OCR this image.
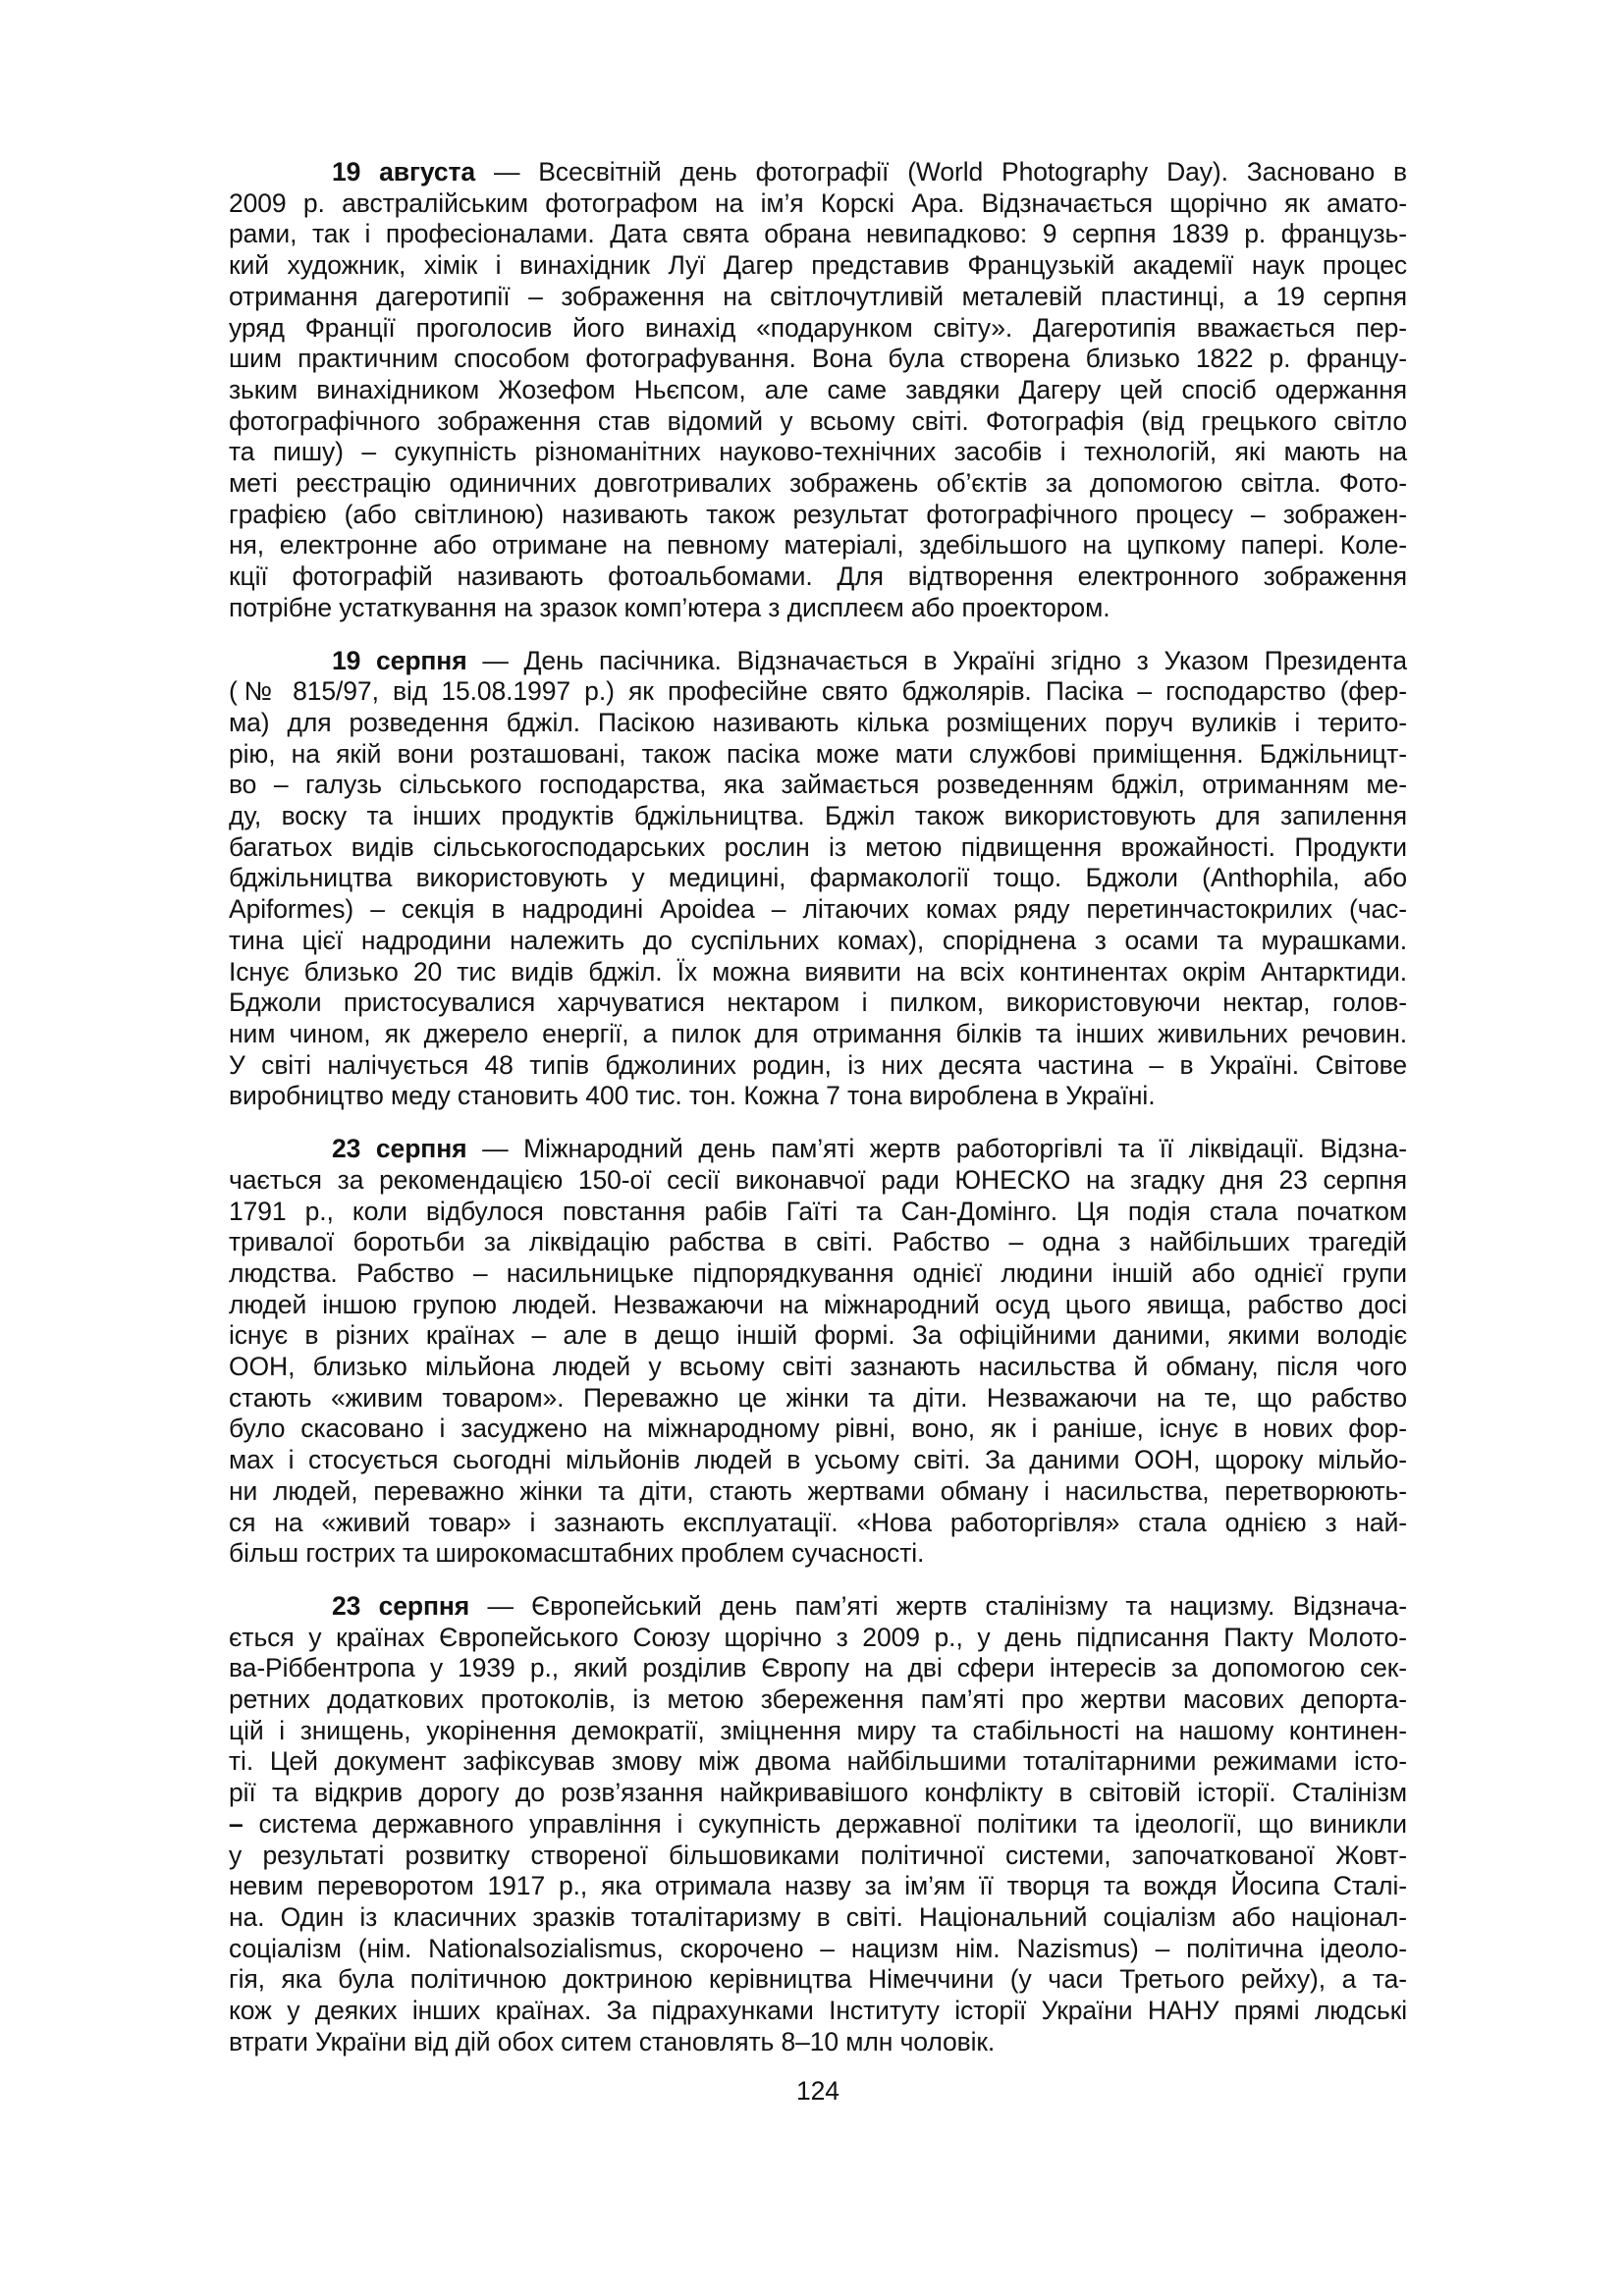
19 августа — Всесвітній день фотографії (World Photography Day). Засновано в
2009 р. австралійським фотографом на ім’я Корскі Ара. Відзначається щорічно як амато-
рами, так і професіоналами. Дата свята обрана невипадково: 9 серпня 1839 р. французь-
кий художник, хімік і винахідник Луї Дагер представив Французькій академії наук процес
отримання дагеротипії – зображення на світлочутливій металевій пластинці, а 19 серпня
уряд Франції проголосив його винахід «подарунком світу». Дагеротипія вважається пер-
шим практичним способом фотографування. Вона була створена близько 1822 р. францу-
зьким винахідником Жозефом Ньєпсом, але саме завдяки Дагеру цей спосіб одержання
фотографічного зображення став відомий у всьому світі. Фотографія (від грецького світло
та пишу) – сукупність різноманітних науково-технічних засобів і технологій, які мають на
меті реєстрацію одиничних довготривалих зображень об’єктів за допомогою світла. Фото-
графією (або світлиною) називають також результат фотографічного процесу – зображен-
ня, електронне або отримане на певному матеріалі, здебільшого на цупкому папері. Коле-
кції фотографій називають фотоальбомами. Для відтворення електронного зображення
потрібне устаткування на зразок комп’ютера з дисплеєм або проектором.
19 серпня — День пасічника. Відзначається в Україні згідно з Указом Президента
(№ 815/97, від 15.08.1997 р.) як професійне свято бджолярів. Пасіка – господарство (фер-
ма) для розведення бджіл. Пасікою називають кілька розміщених поруч вуликів і терито-
рію, на якій вони розташовані, також пасіка може мати службові приміщення. Бджільницт-
во – галузь сільського господарства, яка займається розведенням бджіл, отриманням ме-
ду, воску та інших продуктів бджільництва. Бджіл також використовують для запилення
багатьох видів сільськогосподарських рослин із метою підвищення врожайності. Продукти
бджільництва використовують у медицині, фармакології тощо. Бджоли (Anthophila, або
Apiformes) – секція в надродині Apoidea – літаючих комах ряду перетинчастокрилих (час-
тина цієї надродини належить до суспільних комах), споріднена з осами та мурашками.
Існує близько 20 тис видів бджіл. Їх можна виявити на всіх континентах окрім Антарктиди.
Бджоли пристосувалися харчуватися нектаром і пилком, використовуючи нектар, голов-
ним чином, як джерело енергії, а пилок для отримання білків та інших живильних речовин.
У світі налічується 48 типів бджолиних родин, із них десята частина – в Україні. Світове
виробництво меду становить 400 тис. тон. Кожна 7 тона вироблена в Україні.
23 серпня — Міжнародний день пам’яті жертв работоргівлі та її ліквідації. Відзна-
чається за рекомендацією 150-ої сесії виконавчої ради ЮНЕСКО на згадку дня 23 серпня
1791 р., коли відбулося повстання рабів Гаїті та Сан-Домінго. Ця подія стала початком
тривалої боротьби за ліквідацію рабства в світі. Рабство – одна з найбільших трагедій
людства. Рабство – насильницьке підпорядкування однієї людини іншій або однієї групи
людей іншою групою людей. Незважаючи на міжнародний осуд цього явища, рабство досі
існує в різних країнах – але в дещо іншій формі. За офіційними даними, якими володіє
ООН, близько мільйона людей у всьому світі зазнають насильства й обману, після чого
стають «живим товаром». Переважно це жінки та діти. Незважаючи на те, що рабство
було скасовано і засуджено на міжнародному рівні, воно, як і раніше, існує в нових фор-
мах і стосується сьогодні мільйонів людей в усьому світі. За даними ООН, щороку мільйо-
ни людей, переважно жінки та діти, стають жертвами обману і насильства, перетворюють-
ся на «живий товар» і зазнають експлуатації. «Нова работоргівля» стала однією з най-
більш гострих та широкомасштабних проблем сучасності.
23 серпня — Європейський день пам’яті жертв сталінізму та нацизму. Відзнача-
ється у країнах Європейського Союзу щорічно з 2009 р., у день підписання Пакту Молото-
ва-Ріббентропа у 1939 р., який розділив Європу на дві сфери інтересів за допомогою сек-
ретних додаткових протоколів, із метою збереження пам’яті про жертви масових депорта-
цій і знищень, укорінення демократії, зміцнення миру та стабільності на нашому континен-
ті. Цей документ зафіксував змову між двома найбільшими тоталітарними режимами істо-
рії та відкрив дорогу до розв’язання найкривавішого конфлікту в світовій історії. Сталінізм
– система державного управління і сукупність державної політики та ідеології, що виникли
у результаті розвитку створеної більшовиками політичної системи, започаткованої Жовт-
невим переворотом 1917 р., яка отримала назву за ім’ям її творця та вождя Йосипа Сталі-
на. Один із класичних зразків тоталітаризму в світі. Національний соціалізм або націонал-
соціалізм (нім. Nationalsozialismus, скорочено – нацизм нім. Nazismus) – політична ідеоло-
гія, яка була політичною доктриною керівництва Німеччини (у часи Третього рейху), а та-
кож у деяких інших країнах. За підрахунками Інституту історії України НАНУ прямі людські
втрати України від дій обох ситем становлять 8–10 млн чоловік.
124
